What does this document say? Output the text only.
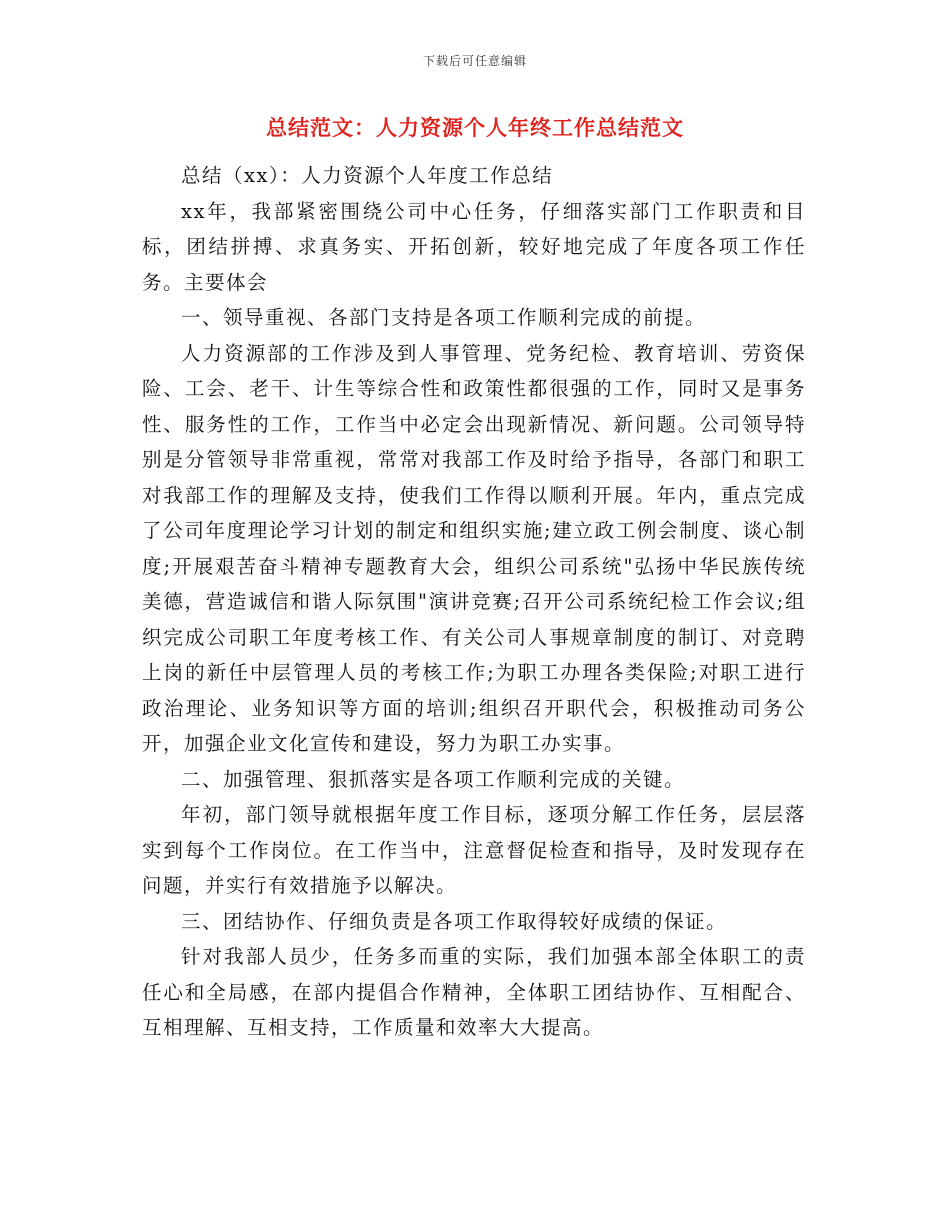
下载后可任意编辑
总结范文：人力资源个人年终工作总结范文

总结（xx）：人力资源个人年度工作总结

xx年，我部紧密围绕公司中心任务，仔细落实部门工作职责和目标，团结拼搏、求真务实、开拓创新，较好地完成了年度各项工作任务。主要体会

一、领导重视、各部门支持是各项工作顺利完成的前提。

人力资源部的工作涉及到人事管理、党务纪检、教育培训、劳资保险、工会、老干、计生等综合性和政策性都很强的工作，同时又是事务性、服务性的工作，工作当中必定会出现新情况、新问题。公司领导特别是分管领导非常重视，常常对我部工作及时给予指导，各部门和职工对我部工作的理解及支持，使我们工作得以顺利开展。年内，重点完成了公司年度理论学习计划的制定和组织实施;建立政工例会制度、谈心制度;开展艰苦奋斗精神专题教育大会，组织公司系统"弘扬中华民族传统美德，营造诚信和谐人际氛围"演讲竞赛;召开公司系统纪检工作会议;组织完成公司职工年度考核工作、有关公司人事规章制度的制订、对竞聘上岗的新任中层管理人员的考核工作;为职工办理各类保险;对职工进行政治理论、业务知识等方面的培训;组织召开职代会，积极推动司务公开，加强企业文化宣传和建设，努力为职工办实事。

二、加强管理、狠抓落实是各项工作顺利完成的关键。

年初，部门领导就根据年度工作目标，逐项分解工作任务，层层落实到每个工作岗位。在工作当中，注意督促检查和指导，及时发现存在问题，并实行有效措施予以解决。

三、团结协作、仔细负责是各项工作取得较好成绩的保证。

针对我部人员少，任务多而重的实际，我们加强本部全体职工的责任心和全局感，在部内提倡合作精神，全体职工团结协作、互相配合、互相理解、互相支持，工作质量和效率大大提高。
